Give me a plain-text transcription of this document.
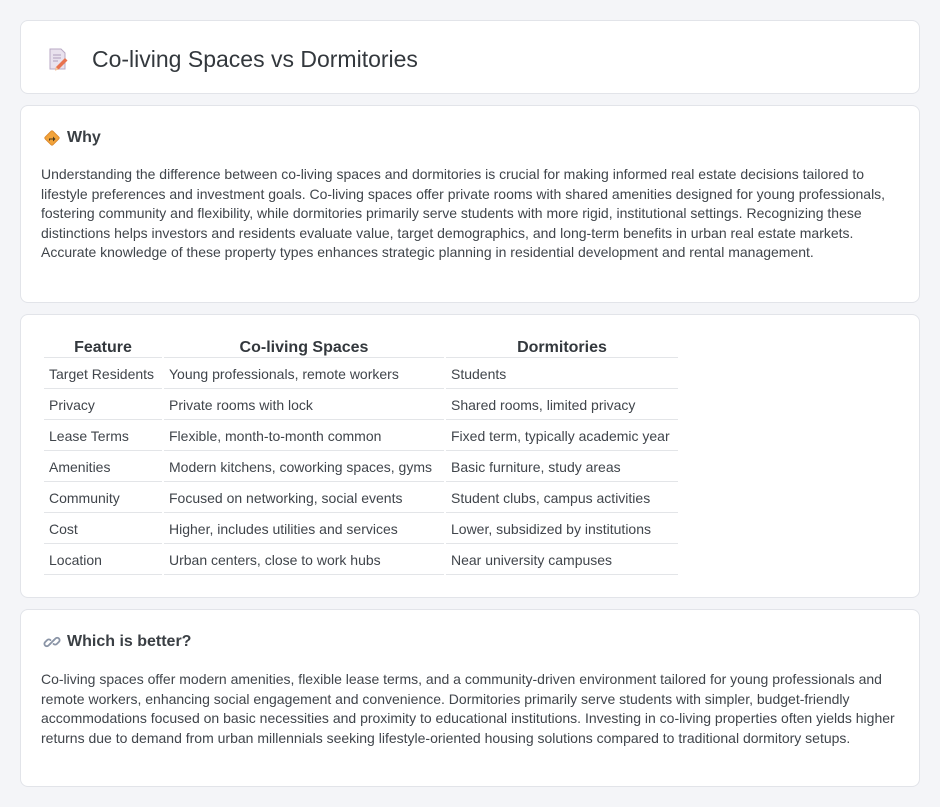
Co-living Spaces vs Dormitories
Why
Understanding the difference between co-living spaces and dormitories is crucial for making informed real estate decisions tailored to lifestyle preferences and investment goals. Co-living spaces offer private rooms with shared amenities designed for young professionals, fostering community and flexibility, while dormitories primarily serve students with more rigid, institutional settings. Recognizing these distinctions helps investors and residents evaluate value, target demographics, and long-term benefits in urban real estate markets. Accurate knowledge of these property types enhances strategic planning in residential development and rental management.
Feature	Co-living Spaces	Dormitories
Target Residents	Young professionals, remote workers	Students
Privacy	Private rooms with lock	Shared rooms, limited privacy
Lease Terms	Flexible, month-to-month common	Fixed term, typically academic year
Amenities	Modern kitchens, coworking spaces, gyms	Basic furniture, study areas
Community	Focused on networking, social events	Student clubs, campus activities
Cost	Higher, includes utilities and services	Lower, subsidized by institutions
Location	Urban centers, close to work hubs	Near university campuses
Which is better?
Co-living spaces offer modern amenities, flexible lease terms, and a community-driven environment tailored for young professionals and remote workers, enhancing social engagement and convenience. Dormitories primarily serve students with simpler, budget-friendly accommodations focused on basic necessities and proximity to educational institutions. Investing in co-living properties often yields higher returns due to demand from urban millennials seeking lifestyle-oriented housing solutions compared to traditional dormitory setups.
